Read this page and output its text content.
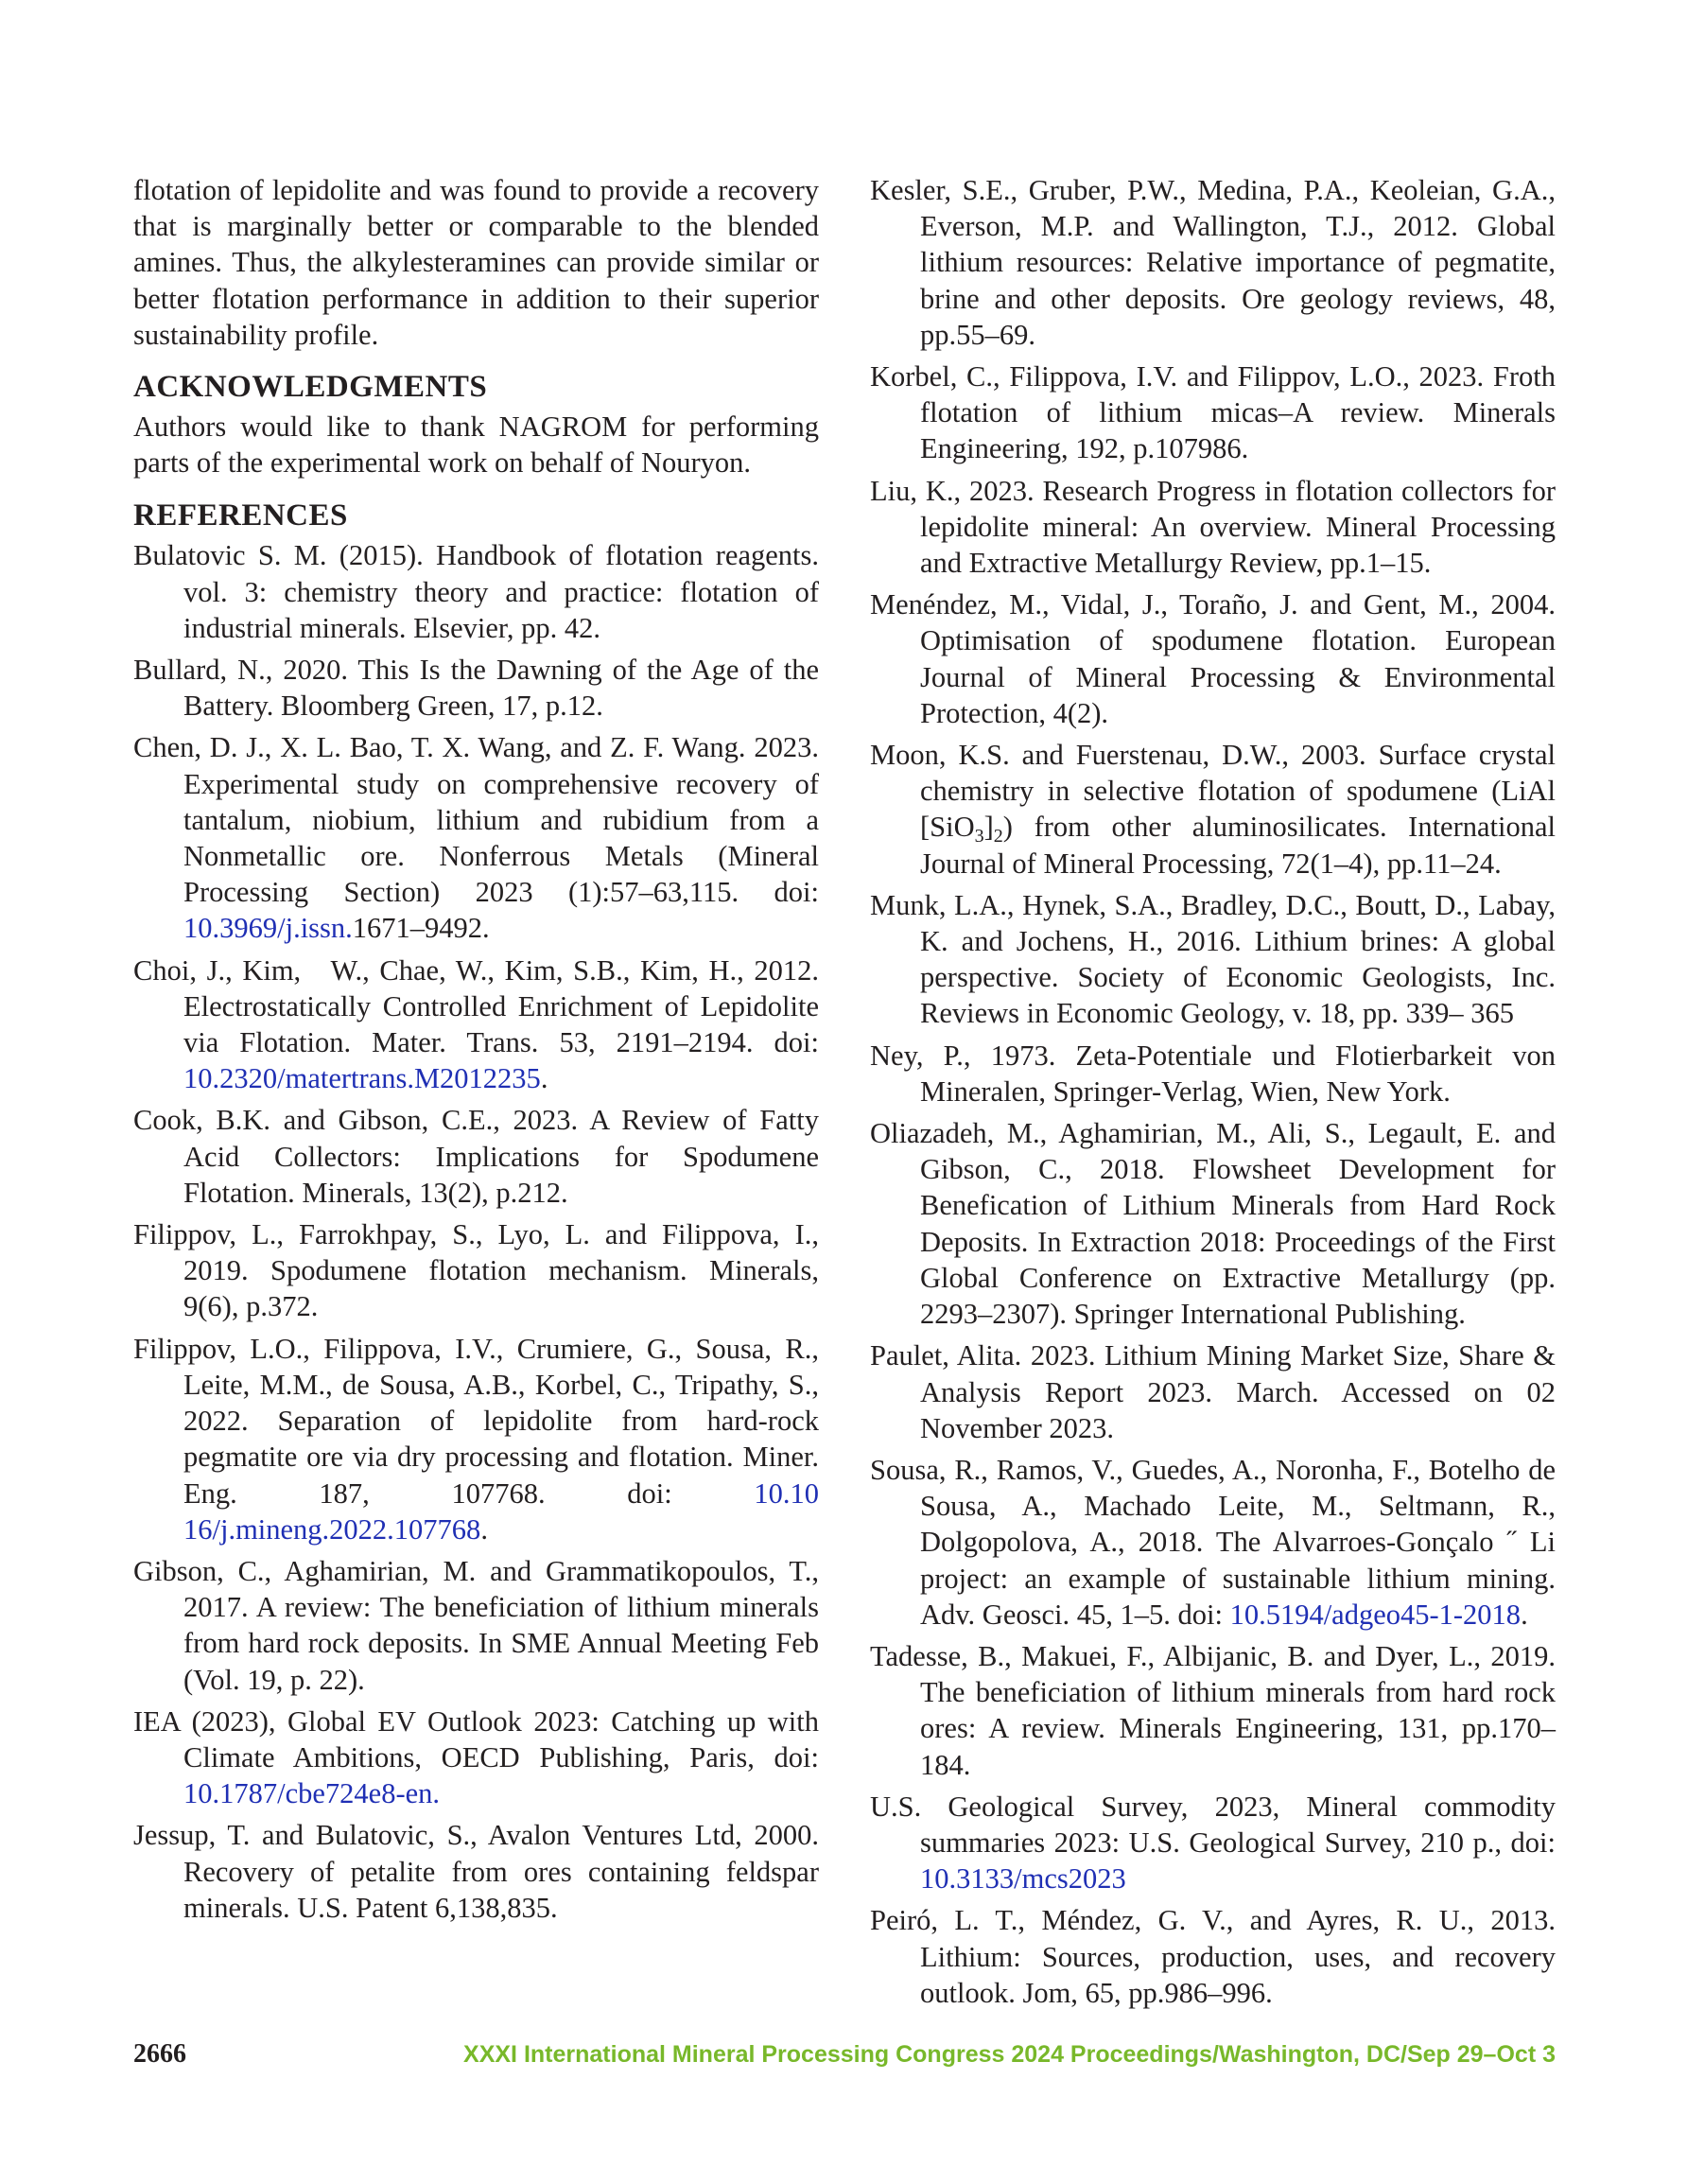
flotation of lepidolite and was found to provide a recovery that is marginally better or comparable to the blended amines. Thus, the alkylesteramines can provide similar or better flotation performance in addition to their superior sustainability profile.

ACKNOWLEDGMENTS

Authors would like to thank NAGROM for performing parts of the experimental work on behalf of Nouryon.

REFERENCES

Bulatovic S. M. (2015). Handbook of flotation reagents. vol. 3: chemistry theory and practice: flotation of industrial minerals. Elsevier, pp. 42.

Bullard, N., 2020. This Is the Dawning of the Age of the Battery. Bloomberg Green, 17, p.12.

Chen, D. J., X. L. Bao, T. X. Wang, and Z. F. Wang. 2023. Experimental study on comprehensive recovery of tantalum, niobium, lithium and rubidium from a Nonmetallic ore. Nonferrous Metals (Mineral Processing Section) 2023 (1):57–63,115. doi: 10.3969/j.issn.1671–9492.

Choi, J., Kim,   W., Chae, W., Kim, S.B., Kim, H., 2012. Electrostatically Controlled Enrichment of Lepidolite via Flotation. Mater. Trans. 53, 2191–2194. doi: 10.2320/matertrans.M2012235.

Cook, B.K. and Gibson, C.E., 2023. A Review of Fatty Acid Collectors: Implications for Spodumene Flotation. Minerals, 13(2), p.212.

Filippov, L., Farrokhpay, S., Lyo, L. and Filippova, I., 2019. Spodumene flotation mechanism. Minerals, 9(6), p.372.

Filippov, L.O., Filippova, I.V., Crumiere, G., Sousa, R., Leite, M.M., de Sousa, A.B., Korbel, C., Tripathy, S., 2022. Separation of lepidolite from hard-rock pegmatite ore via dry processing and flotation. Miner. Eng. 187, 107768. doi: 10.10 16/j.mineng.2022.107768.

Gibson, C., Aghamirian, M. and Grammatikopoulos, T., 2017. A review: The beneficiation of lithium minerals from hard rock deposits. In SME Annual Meeting Feb (Vol. 19, p. 22).

IEA (2023), Global EV Outlook 2023: Catching up with Climate Ambitions, OECD Publishing, Paris, doi: 10.1787/cbe724e8-en.

Jessup, T. and Bulatovic, S., Avalon Ventures Ltd, 2000. Recovery of petalite from ores containing feldspar minerals. U.S. Patent 6,138,835.

Kesler, S.E., Gruber, P.W., Medina, P.A., Keoleian, G.A., Everson, M.P. and Wallington, T.J., 2012. Global lithium resources: Relative importance of pegmatite, brine and other deposits. Ore geology reviews, 48, pp.55–69.

Korbel, C., Filippova, I.V. and Filippov, L.O., 2023. Froth flotation of lithium micas–A review. Minerals Engineering, 192, p.107986.

Liu, K., 2023. Research Progress in flotation collectors for lepidolite mineral: An overview. Mineral Processing and Extractive Metallurgy Review, pp.1–15.

Menéndez, M., Vidal, J., Toraño, J. and Gent, M., 2004. Optimisation of spodumene flotation. European Journal of Mineral Processing & Environmental Protection, 4(2).

Moon, K.S. and Fuerstenau, D.W., 2003. Surface crystal chemistry in selective flotation of spodumene (LiAl $[SiO_3]_2$) from other aluminosilicates. International Journal of Mineral Processing, 72(1–4), pp.11–24.

Munk, L.A., Hynek, S.A., Bradley, D.C., Boutt, D., Labay, K. and Jochens, H., 2016. Lithium brines: A global perspective. Society of Economic Geologists, Inc. Reviews in Economic Geology, v. 18, pp. 339– 365

Ney, P., 1973. Zeta-Potentiale und Flotierbarkeit von Mineralen, Springer-Verlag, Wien, New York.

Oliazadeh, M., Aghamirian, M., Ali, S., Legault, E. and Gibson, C., 2018. Flowsheet Development for Benefication of Lithium Minerals from Hard Rock Deposits. In Extraction 2018: Proceedings of the First Global Conference on Extractive Metallurgy (pp. 2293–2307). Springer International Publishing.

Paulet, Alita. 2023. Lithium Mining Market Size, Share & Analysis Report 2023. March. Accessed on 02 November 2023.

Sousa, R., Ramos, V., Guedes, A., Noronha, F., Botelho de Sousa, A., Machado Leite, M., Seltmann, R., Dolgopolova, A., 2018. The Alvarroes-Gonçalo ˝ Li project: an example of sustainable lithium mining. Adv. Geosci. 45, 1–5. doi: 10.5194/adgeo45-1-2018.

Tadesse, B., Makuei, F., Albijanic, B. and Dyer, L., 2019. The beneficiation of lithium minerals from hard rock ores: A review. Minerals Engineering, 131, pp.170–184.

U.S. Geological Survey, 2023, Mineral commodity summaries 2023: U.S. Geological Survey, 210 p., doi: 10.3133/mcs2023

Peiró, L. T., Méndez, G. V., and Ayres, R. U., 2013. Lithium: Sources, production, uses, and recovery outlook. Jom, 65, pp.986–996.

2666	XXXI International Mineral Processing Congress 2024 Proceedings/Washington, DC/Sep 29–Oct 3
